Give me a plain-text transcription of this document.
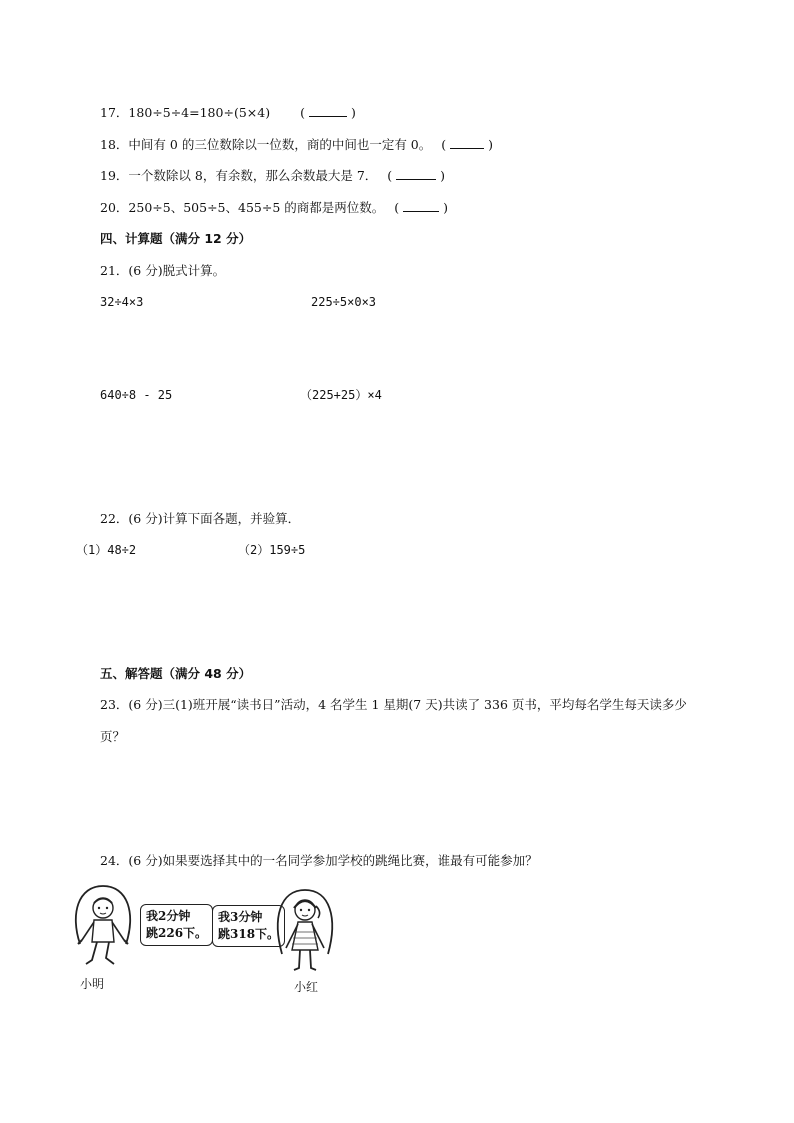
17．180÷5÷4=180÷(5×4) (	)
18．中间有 0 的三位数除以一位数，商的中间也一定有 0。 (	)
19．一个数除以 8，有余数，那么余数最大是 7． (	)
20．250÷5、505÷5、455÷5 的商都是两位数。 (	)
四、计算题（满分 12 分）
21．(6 分)脱式计算。
32÷4×3	225÷5×0×3
640÷8 - 25	（225+25）×4
22．(6 分)计算下面各题，并验算．
（1）48÷2	（2）159÷5
五、解答题（满分 48 分）
23．(6 分)三(1)班开展“读书日”活动，4 名学生 1 星期(7 天)共读了 336 页书，平均每名学生每天读多少
页？
24．(6 分)如果要选择其中的一名同学参加学校的跳绳比赛，谁最有可能参加？
我2分钟
跳226下。
小明
我3分钟
跳318下。
小红
